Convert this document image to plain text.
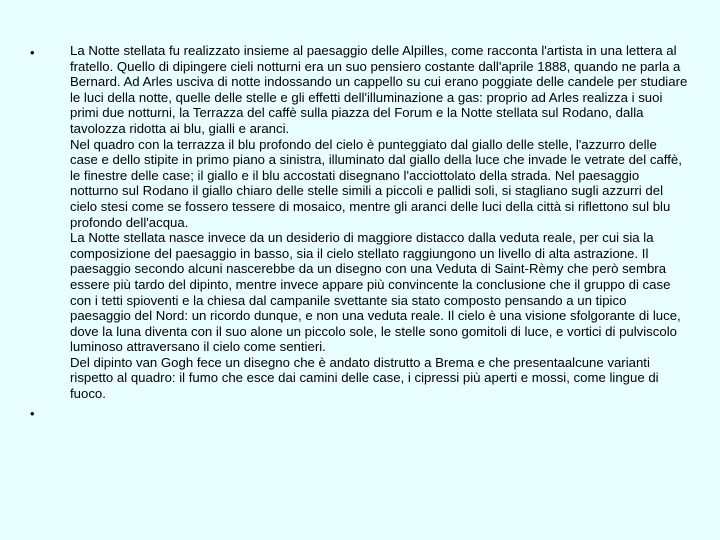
•	La Notte stellata fu realizzato insieme al paesaggio delle Alpilles, come racconta l'artista in una lettera al fratello. Quello di dipingere cieli notturni era un suo pensiero costante dall'aprile 1888, quando ne parla a Bernard. Ad Arles usciva di notte indossando un cappello su cui erano poggiate delle candele per studiare le luci della notte, quelle delle stelle e gli effetti dell'illuminazione a gas: proprio ad Arles realizza i suoi primi due notturni, la Terrazza del caffè sulla piazza del Forum e la Notte stellata sul Rodano, dalla tavolozza ridotta ai blu, gialli e aranci.
Nel quadro con la terrazza il blu profondo del cielo è punteggiato dal giallo delle stelle, l'azzurro delle case e dello stipite in primo piano a sinistra, illuminato dal giallo della luce che invade le vetrate del caffè, le finestre delle case; il giallo e il blu accostati disegnano l'acciottolato della strada. Nel paesaggio notturno sul Rodano il giallo chiaro delle stelle simili a piccoli e pallidi soli, si stagliano sugli azzurri del cielo stesi come se fossero tessere di mosaico, mentre gli aranci delle luci della città si riflettono sul blu profondo dell'acqua.
La Notte stellata nasce invece da un desiderio di maggiore distacco dalla veduta reale, per cui sia la composizione del paesaggio in basso, sia il cielo stellato raggiungono un livello di alta astrazione. Il paesaggio secondo alcuni nascerebbe da un disegno con una Veduta di Saint-Rèmy che però sembra essere più tardo del dipinto, mentre invece appare più convincente la conclusione che il gruppo di case con i tetti spioventi e la chiesa dal campanile svettante sia stato composto pensando a un tipico paesaggio del Nord: un ricordo dunque, e non una veduta reale. Il cielo è una visione sfolgorante di luce, dove la luna diventa con il suo alone un piccolo sole, le stelle sono gomitoli di luce, e vortici di pulviscolo luminoso attraversano il cielo come sentieri.
Del dipinto van Gogh fece un disegno che è andato distrutto a Brema e che presentaalcune varianti rispetto al quadro: il fumo che esce dai camini delle case, i cipressi più aperti e mossi, come lingue di fuoco.
•
